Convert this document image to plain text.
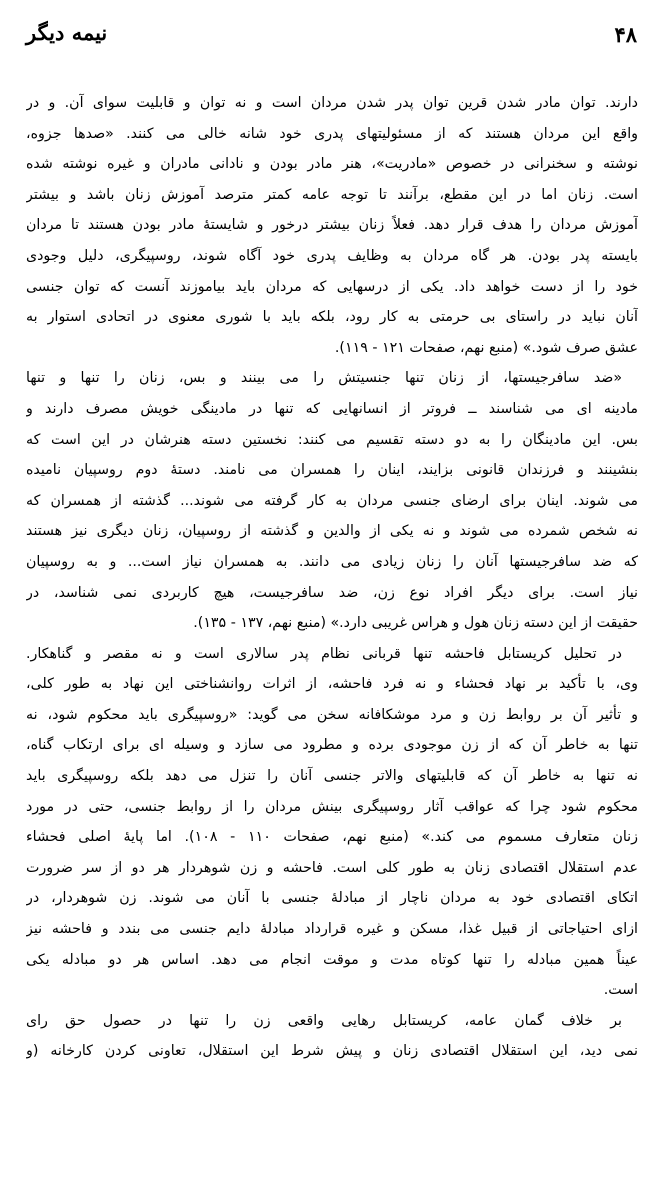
نیمه دیگر	۴۸
دارند. توان مادر شدن قرین توان پدر شدن مردان است و نه توان و قابلیت سوای آن. و در
واقع این مردان هستند که از مسئولیتهای پدری خود شانه خالی می کنند. «صدها جزوه،
نوشته و سخنرانی در خصوص «مادریت»، هنر مادر بودن و نادانی مادران و غیره نوشته شده
است. زنان اما در این مقطع، برآنند تا توجه عامه کمتر مترصد آموزش زنان باشد و بیشتر
آموزش مردان را هدف قرار دهد. فعلاً زنان بیشتر درخور و شایستهٔ مادر بودن هستند تا مردان
بایسته پدر بودن. هر گاه مردان به وظایف پدری خود آگاه شوند، روسپیگری، دلیل وجودی
خود را از دست خواهد داد. یکی از درسهایی که مردان باید بیاموزند آنست که توان جنسی
آنان نباید در راستای بی حرمتی به کار رود، بلکه باید با شوری معنوی در اتحادی استوار به
عشق صرف شود.» (منبع نهم، صفحات ۱۲۱ - ۱۱۹).
«ضد سافرجیستها، از زنان تنها جنسیتش را می بینند و بس، زنان را تنها و تنها
مادینه ای می شناسند ــ فروتر از انسانهایی که تنها در مادینگی خویش مصرف دارند و
بس. این مادینگان را به دو دسته تقسیم می کنند: نخستین دسته هنرشان در این است که
بنشینند و فرزندان قانونی بزایند، اینان را همسران می نامند. دستهٔ دوم روسپیان نامیده
می شوند. اینان برای ارضای جنسی مردان به کار گرفته می شوند... گذشته از همسران که
نه شخص شمرده می شوند و نه یکی از والدین و گذشته از روسپیان، زنان دیگری نیز هستند
که ضد سافرجیستها آنان را زنان زیادی می دانند. به همسران نیاز است... و به روسپیان
نیاز است. برای دیگر افراد نوع زن، ضد سافرجیست، هیچ کاربردی نمی شناسد، در
حقیقت از این دسته زنان هول و هراس غریبی دارد.» (منبع نهم، ۱۳۷ - ۱۳۵).
در تحلیل کریستابل فاحشه تنها قربانی نظام پدر سالاری است و نه مقصر و گناهکار.
وی، با تأکید بر نهاد فحشاء و نه فرد فاحشه، از اثرات روانشناختی این نهاد به طور کلی،
و تأثیر آن بر روابط زن و مرد موشکافانه سخن می گوید: «روسپیگری باید محکوم شود، نه
تنها به خاطر آن که از زن موجودی برده و مطرود می سازد و وسیله ای برای ارتکاب گناه،
نه تنها به خاطر آن که قابلیتهای والاتر جنسی آنان را تنزل می دهد بلکه روسپیگری باید
محکوم شود چرا که عواقب آثار روسپیگری بینش مردان را از روابط جنسی، حتی در مورد
زنان متعارف مسموم می کند.» (منبع نهم، صفحات ۱۱۰ - ۱۰۸). اما پایهٔ اصلی فحشاء
عدم استقلال اقتصادی زنان به طور کلی است. فاحشه و زن شوهردار هر دو از سر ضرورت
اتکای اقتصادی خود به مردان ناچار از مبادلهٔ جنسی با آنان می شوند. زن شوهردار، در
ازای احتیاجاتی از قبیل غذا، مسکن و غیره قرارداد مبادلهٔ دایم جنسی می بندد و فاحشه نیز
عیناً همین مبادله را تنها کوتاه مدت و موقت انجام می دهد. اساس هر دو مبادله یکی
است.
بر خلاف گمان عامه، کریستابل رهایی واقعی زن را تنها در حصول حق رای
نمی دید، این استقلال اقتصادی زنان و پیش شرط این استقلال، تعاونی کردن کارخانه (و
